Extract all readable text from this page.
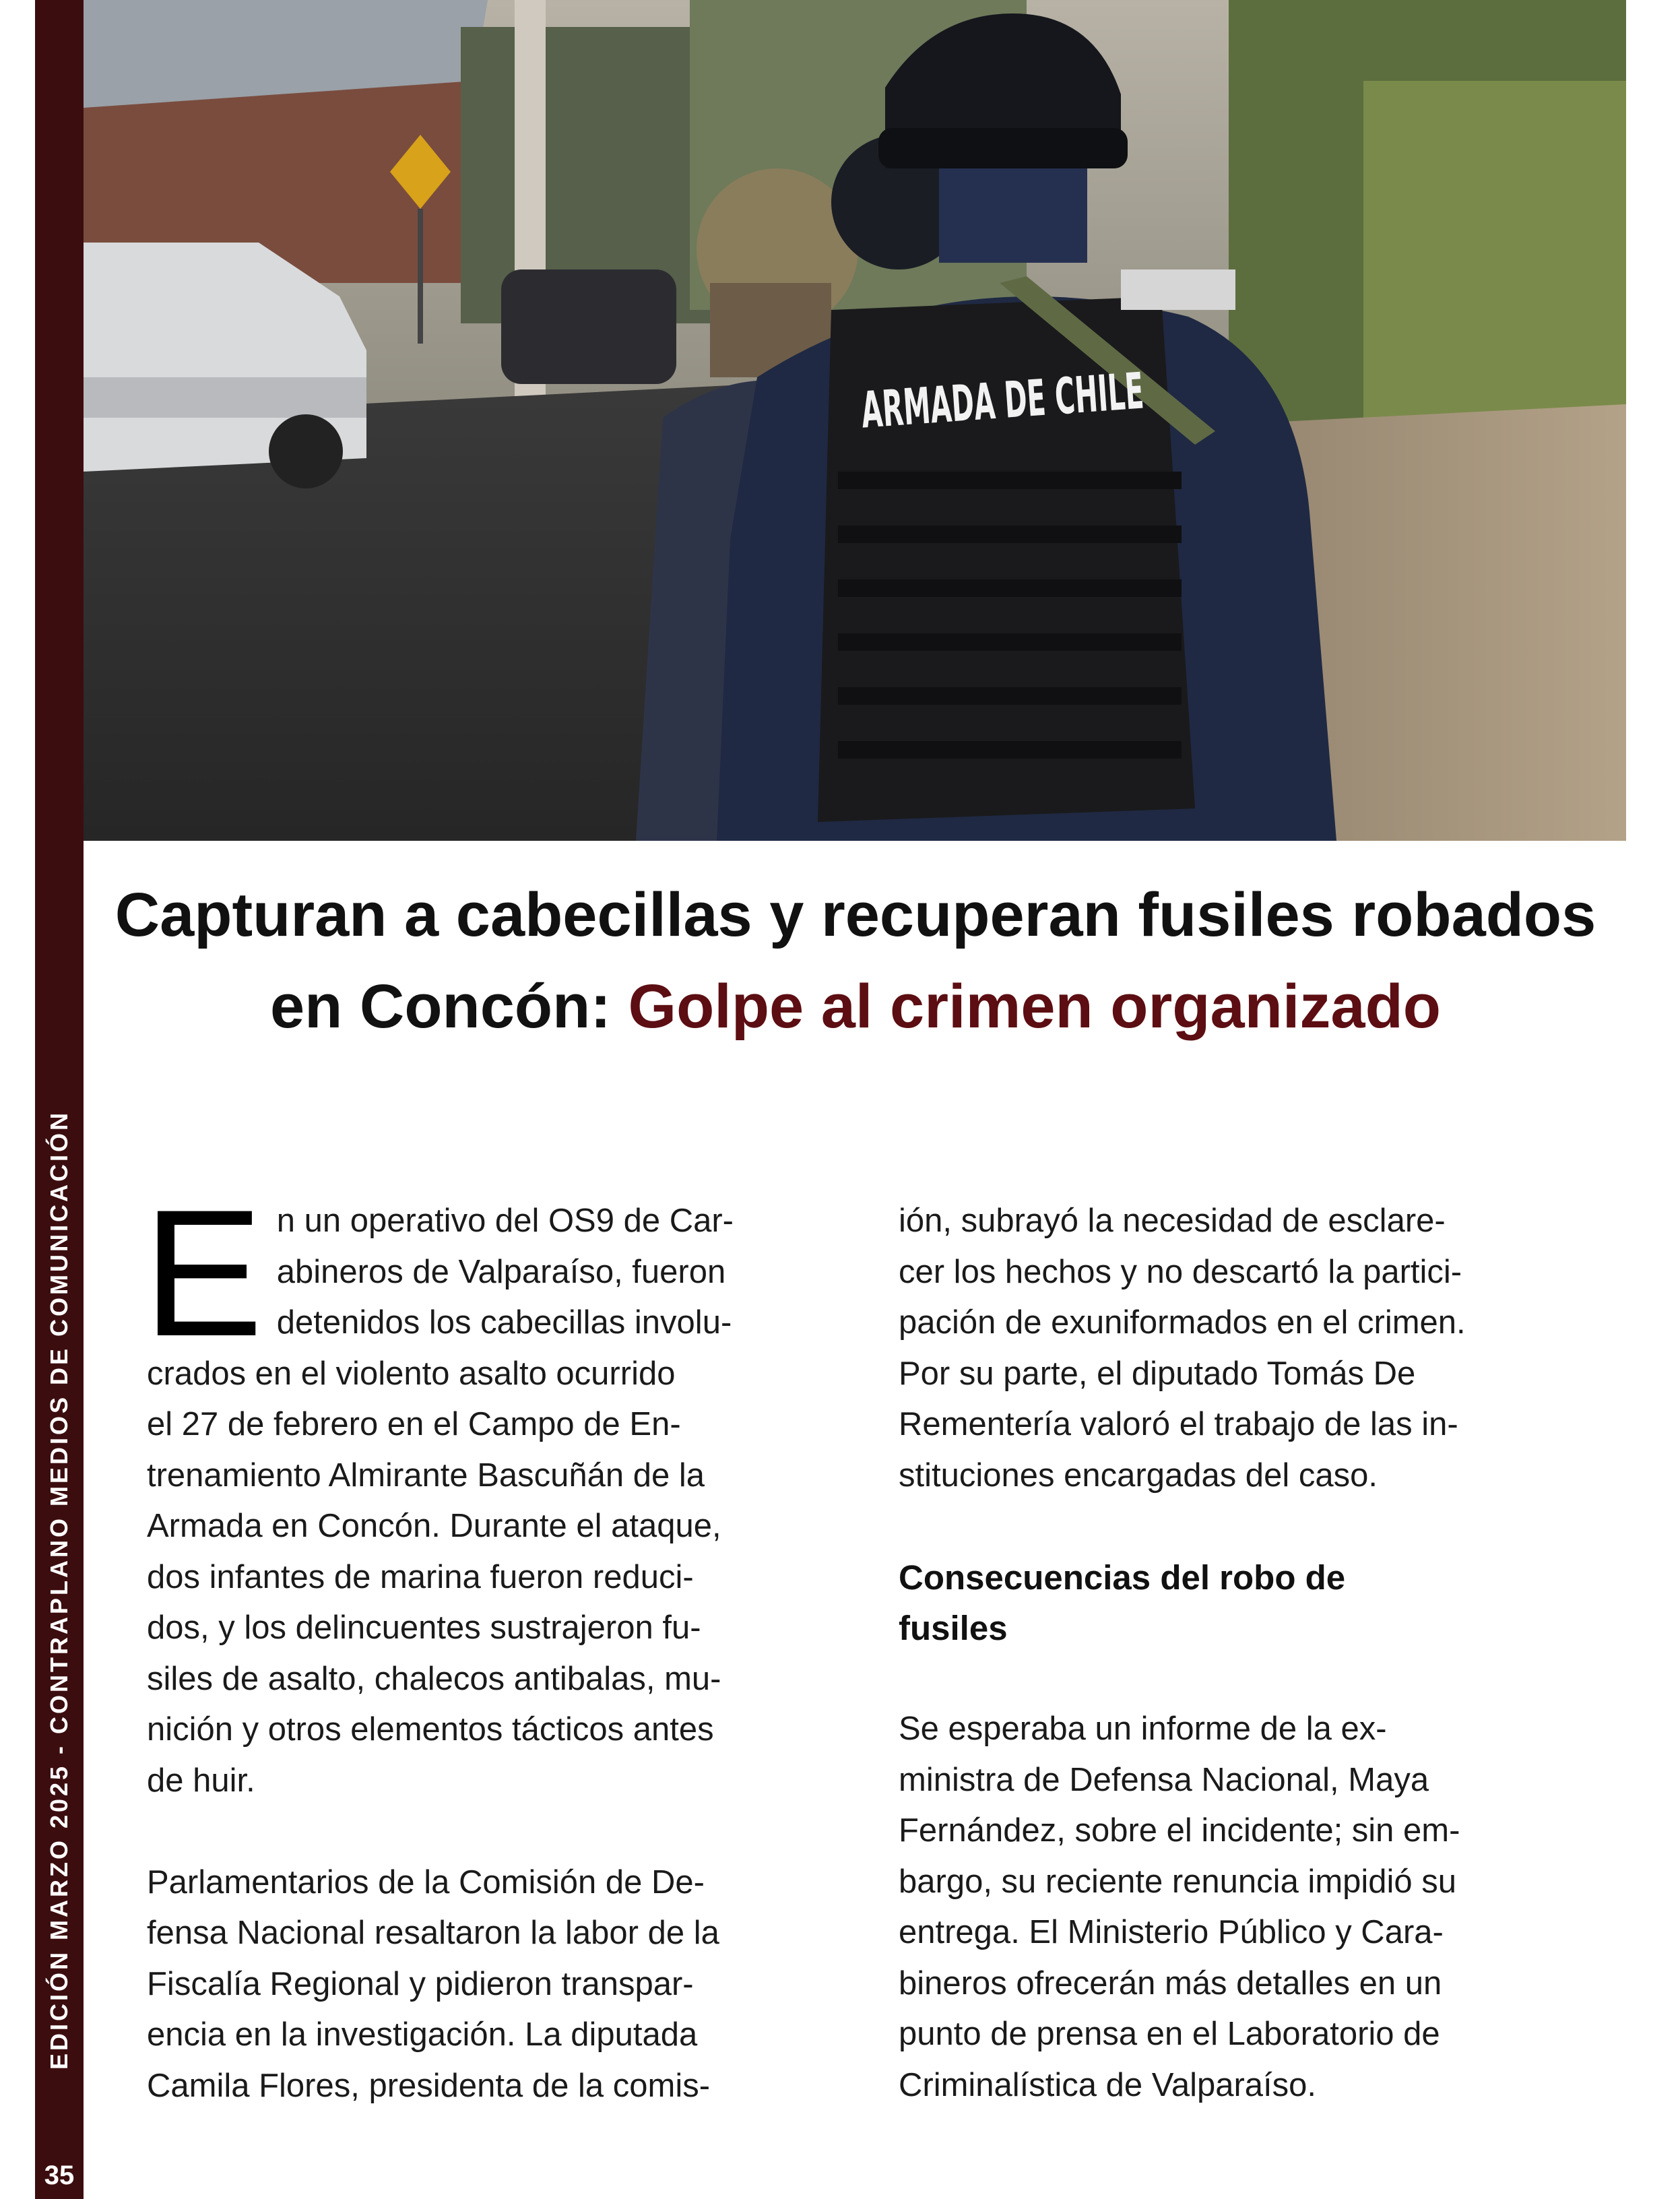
EDICIÓN MARZO 2025 - CONTRAPLANO MEDIOS DE COMUNICACIÓN
35
ARMADA DE CHILE
Capturan a cabecillas y recuperan fusiles robados en Concón: Golpe al crimen organizado
E n un operativo del OS9 de Car-
abineros de Valparaíso, fueron
detenidos los cabecillas involu-
crados en el violento asalto ocurrido
el 27 de febrero en el Campo de En-
trenamiento Almirante Bascuñán de la
Armada en Concón. Durante el ataque,
dos infantes de marina fueron reduci-
dos, y los delincuentes sustrajeron fu-
siles de asalto, chalecos antibalas, mu-
nición y otros elementos tácticos antes
de huir.
Parlamentarios de la Comisión de De-
fensa Nacional resaltaron la labor de la
Fiscalía Regional y pidieron transpar-
encia en la investigación. La diputada
Camila Flores, presidenta de la comis-
ión, subrayó la necesidad de esclare-
cer los hechos y no descartó la partici-
pación de exuniformados en el crimen.
Por su parte, el diputado Tomás De
Rementería valoró el trabajo de las in-
stituciones encargadas del caso.
Consecuencias del robo de
fusiles
Se esperaba un informe de la ex-
ministra de Defensa Nacional, Maya
Fernández, sobre el incidente; sin em-
bargo, su reciente renuncia impidió su
entrega. El Ministerio Público y Cara-
bineros ofrecerán más detalles en un
punto de prensa en el Laboratorio de
Criminalística de Valparaíso.
